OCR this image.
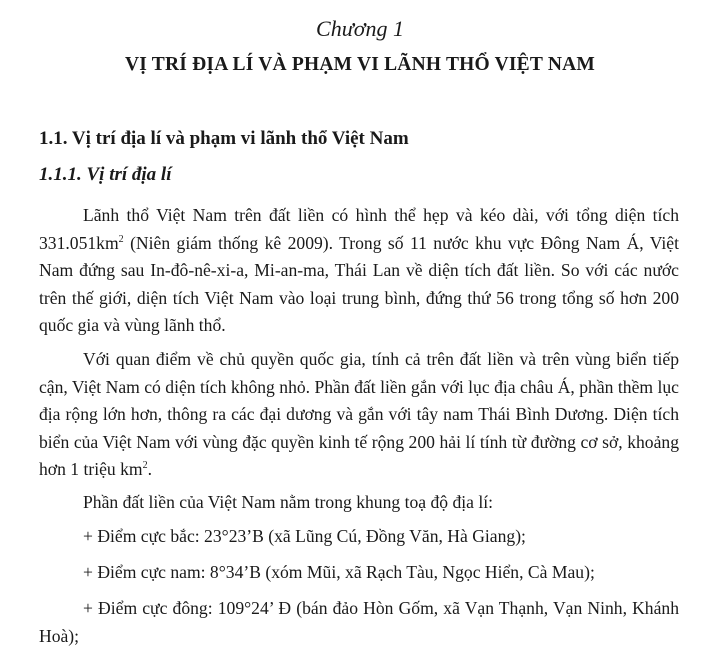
Chương 1
VỊ TRÍ ĐỊA LÍ VÀ PHẠM VI LÃNH THỔ VIỆT NAM
1.1. Vị trí địa lí và phạm vi lãnh thổ Việt Nam
1.1.1. Vị trí địa lí

Lãnh thổ Việt Nam trên đất liền có hình thể hẹp và kéo dài, với tổng diện tích $331.051km^2$ (Niên giám thống kê 2009). Trong số 11 nước khu vực Đông Nam Á, Việt Nam đứng sau In-đô-nê-xi-a, Mi-an-ma, Thái Lan về diện tích đất liền. So với các nước trên thế giới, diện tích Việt Nam vào loại trung bình, đứng thứ 56 trong tổng số hơn 200 quốc gia và vùng lãnh thổ.

Với quan điểm về chủ quyền quốc gia, tính cả trên đất liền và trên vùng biển tiếp cận, Việt Nam có diện tích không nhỏ. Phần đất liền gắn với lục địa châu Á, phần thềm lục địa rộng lớn hơn, thông ra các đại dương và gắn với tây nam Thái Bình Dương. Diện tích biển của Việt Nam với vùng đặc quyền kinh tế rộng 200 hải lí tính từ đường cơ sở, khoảng hơn 1 triệu $km^2$.

Phần đất liền của Việt Nam nằm trong khung toạ độ địa lí:
+ Điểm cực bắc: 23°23’B (xã Lũng Cú, Đồng Văn, Hà Giang);
+ Điểm cực nam: 8°34’B (xóm Mũi, xã Rạch Tàu, Ngọc Hiển, Cà Mau);

+ Điểm cực đông: 109°24’ Đ (bán đảo Hòn Gốm, xã Vạn Thạnh, Vạn Ninh, Khánh Hoà);
